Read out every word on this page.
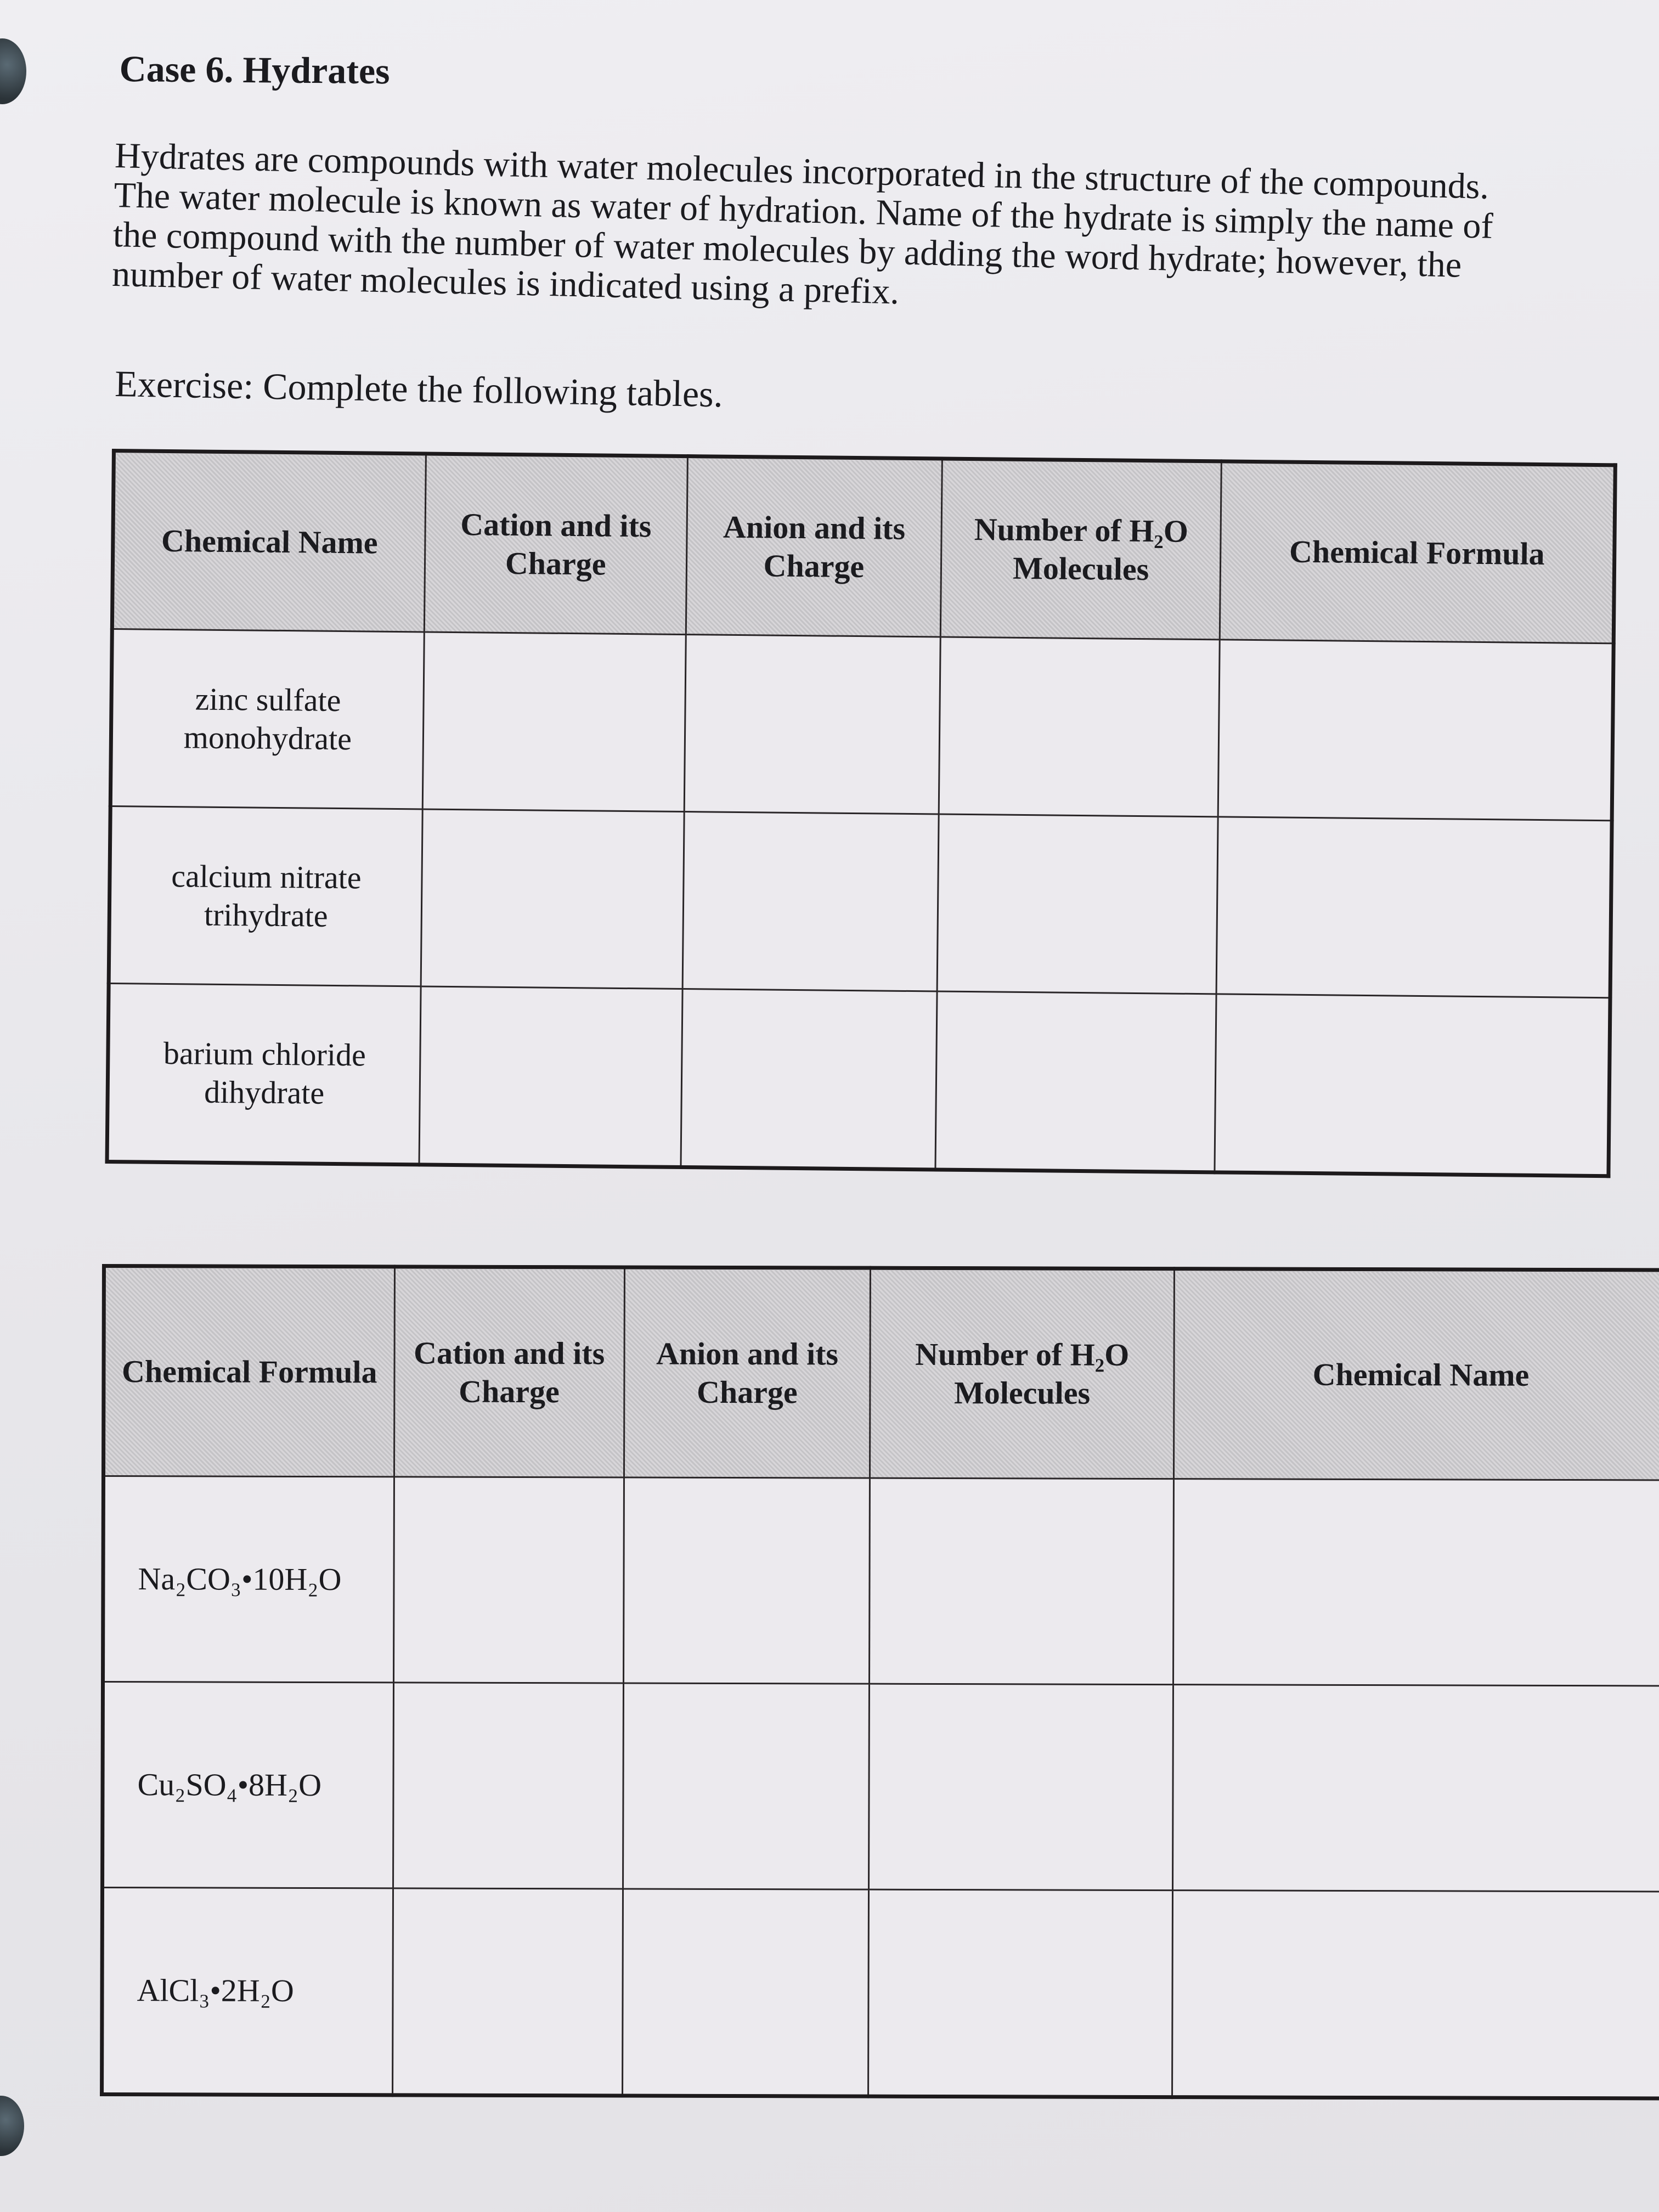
Case 6. Hydrates
Hydrates are compounds with water molecules incorporated in the structure of the compounds.
The water molecule is known as water of hydration. Name of the hydrate is simply the name of
the compound with the number of water molecules by adding the word hydrate; however, the
number of water molecules is indicated using a prefix.
Exercise: Complete the following tables.
Chemical Name	Cation and its Charge	Anion and its Charge	Number of H₂O Molecules	Chemical Formula
zinc sulfate monohydrate				
calcium nitrate trihydrate				
barium chloride dihydrate				
Chemical Formula	Cation and its Charge	Anion and its Charge	Number of H₂O Molecules	Chemical Name
Na₂CO₃•10H₂O				
Cu₂SO₄•8H₂O				
AlCl₃•2H₂O				
